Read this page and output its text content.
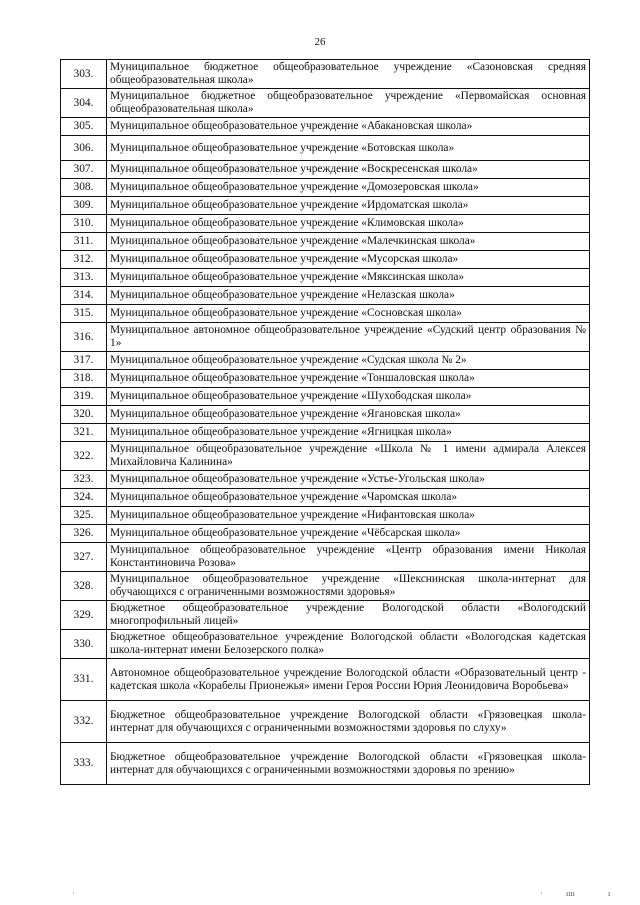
26
303.	Муниципальное бюджетное общеобразовательное учреждение «Сазоновская средняя общеобразовательная школа»
304.	Муниципальное бюджетное общеобразовательное учреждение «Первомайская основная общеобразовательная школа»
305.	Муниципальное общеобразовательное учреждение «Абакановская школа»
306.	Муниципальное общеобразовательное учреждение «Ботовская школа»
307.	Муниципальное общеобразовательное учреждение «Воскресенская школа»
308.	Муниципальное общеобразовательное учреждение «Домозеровская школа»
309.	Муниципальное общеобразовательное учреждение «Ирдоматская школа»
310.	Муниципальное общеобразовательное учреждение «Климовская школа»
311.	Муниципальное общеобразовательное учреждение «Малечкинская школа»
312.	Муниципальное общеобразовательное учреждение «Мусорская школа»
313.	Муниципальное общеобразовательное учреждение «Мяксинская школа»
314.	Муниципальное общеобразовательное учреждение «Нелазская школа»
315.	Муниципальное общеобразовательное учреждение «Сосновская школа»
316.	Муниципальное автономное общеобразовательное учреждение «Судский центр образования № 1»
317.	Муниципальное общеобразовательное учреждение «Судская школа № 2»
318.	Муниципальное общеобразовательное учреждение «Тоншаловская школа»
319.	Муниципальное общеобразовательное учреждение «Шухободская школа»
320.	Муниципальное общеобразовательное учреждение «Ягановская школа»
321.	Муниципальное общеобразовательное учреждение «Ягницкая школа»
322.	Муниципальное общеобразовательное учреждение «Школа № 1 имени адмирала Алексея Михайловича Калинина»
323.	Муниципальное общеобразовательное учреждение «Устье-Угольская школа»
324.	Муниципальное общеобразовательное учреждение «Чаромская школа»
325.	Муниципальное общеобразовательное учреждение «Нифантовская школа»
326.	Муниципальное общеобразовательное учреждение «Чёбсарская школа»
327.	Муниципальное общеобразовательное учреждение «Центр образования имени Николая Константиновича Розова»
328.	Муниципальное общеобразовательное учреждение «Шекснинская школа-интернат для обучающихся с ограниченными возможностями здоровья»
329.	Бюджетное общеобразовательное учреждение Вологодской области «Вологодский многопрофильный лицей»
330.	Бюджетное общеобразовательное учреждение Вологодской области «Вологодская кадетская школа-интернат имени Белозерского полка»
331.	Автономное общеобразовательное учреждение Вологодской области «Образовательный центр - кадетская школа «Корабелы Прионежья» имени Героя России Юрия Леонидовича Воробьева»
332.	Бюджетное общеобразовательное учреждение Вологодской области «Грязовецкая школа-интернат для обучающихся с ограниченными возможностями здоровья по слуху»
333.	Бюджетное общеобразовательное учреждение Вологодской области «Грязовецкая школа-интернат для обучающихся с ограниченными возможностями здоровья по зрению»
·	·	ıııı	ı
